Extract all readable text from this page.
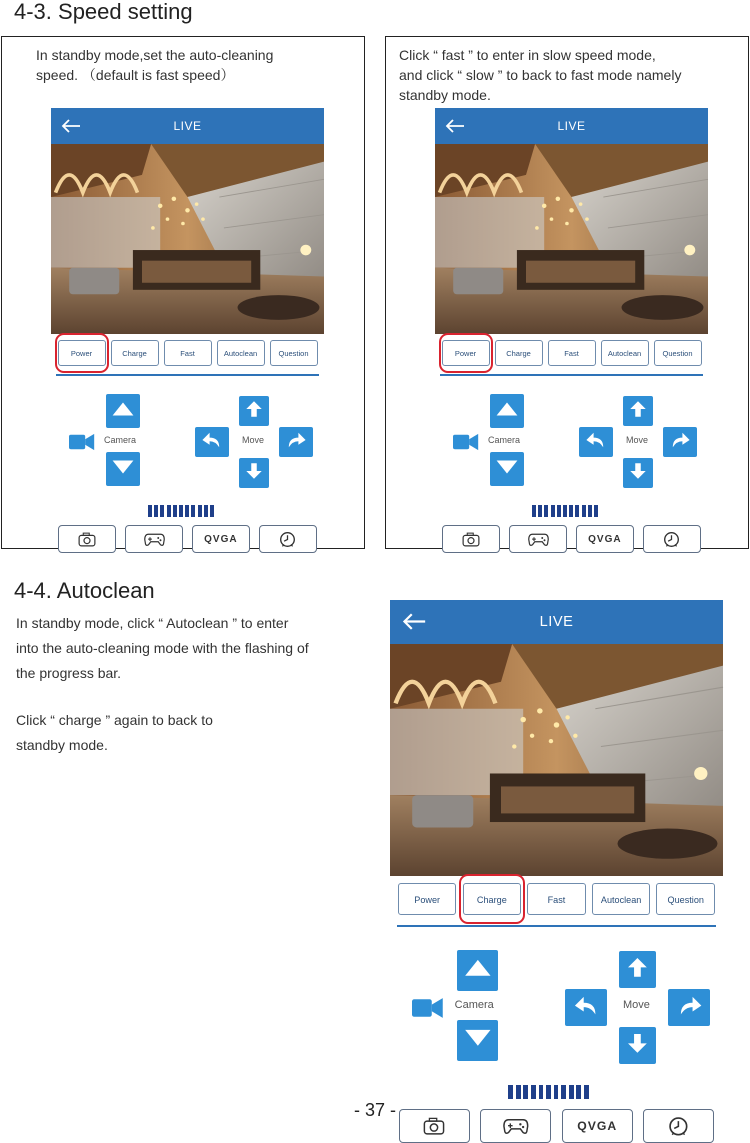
4-3. Speed setting
In standby mode,set the auto-cleaning
speed. （default is fast speed）
Click “ fast ” to enter in slow speed mode,
and click “ slow ” to back to fast mode namely
standby mode.
4-4. Autoclean
In standby mode, click “ Autoclean ” to enter
into the auto-cleaning mode with the flashing of
the progress bar.
Click “ charge ” again to back to
standby mode.
LIVE
Power	Charge	Fast	Autoclean	Question
Camera	Move
QVGA
LIVE
Power	Charge	Fast	Autoclean	Question
Camera	Move
QVGA
LIVE
Power	Charge	Fast	Autoclean	Question
Camera	Move
QVGA
- 37 -
